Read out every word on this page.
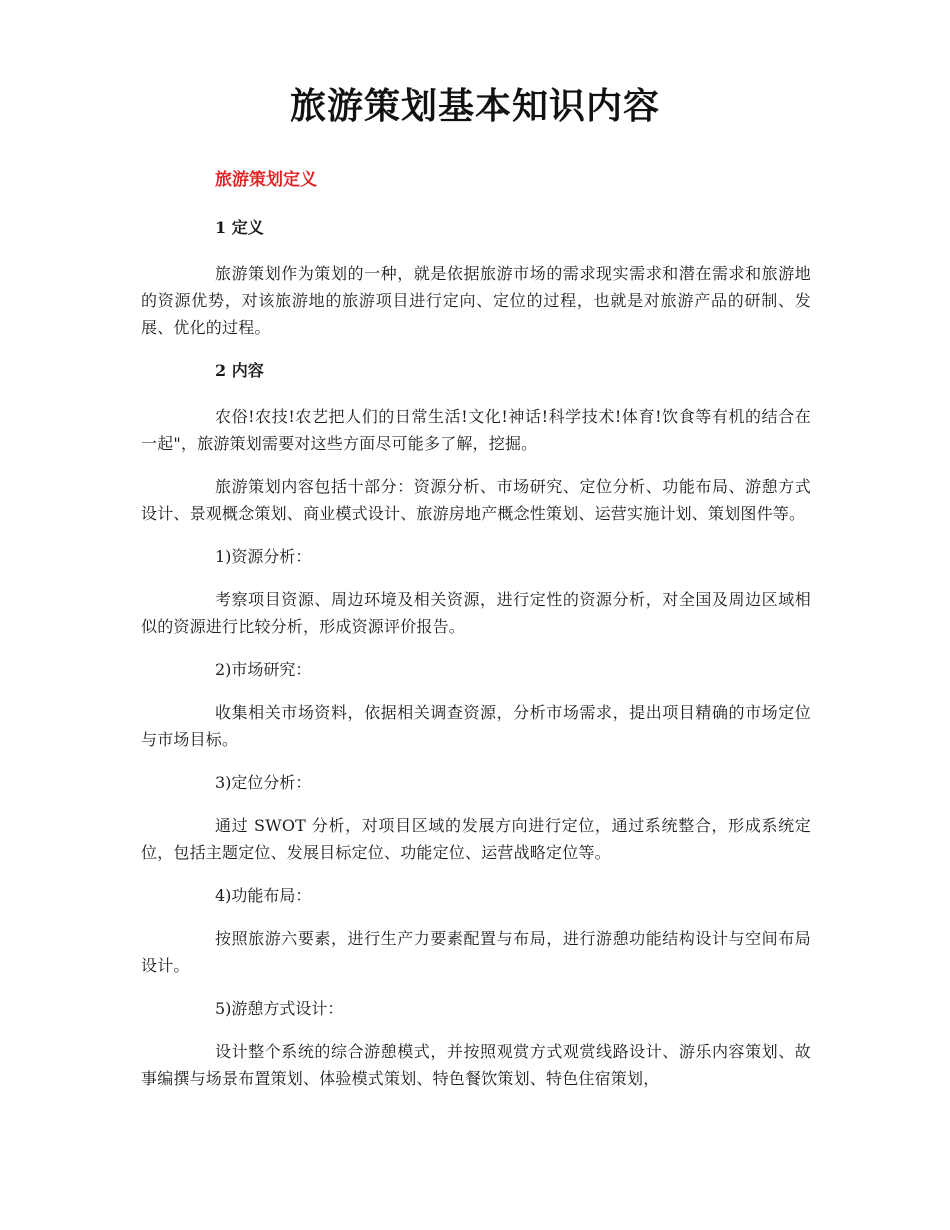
旅游策划基本知识内容
旅游策划定义
1 定义
旅游策划作为策划的一种，就是依据旅游市场的需求现实需求和潜在需求和旅游地的资源优势，对该旅游地的旅游项目进行定向、定位的过程，也就是对旅游产品的研制、发展、优化的过程。
2 内容
农俗!农技!农艺把人们的日常生活!文化!神话!科学技术!体育!饮食等有机的结合在一起"，旅游策划需要对这些方面尽可能多了解，挖掘。
旅游策划内容包括十部分：资源分析、市场研究、定位分析、功能布局、游憩方式设计、景观概念策划、商业模式设计、旅游房地产概念性策划、运营实施计划、策划图件等。
1)资源分析：
考察项目资源、周边环境及相关资源，进行定性的资源分析，对全国及周边区域相似的资源进行比较分析，形成资源评价报告。
2)市场研究：
收集相关市场资料，依据相关调查资源，分析市场需求，提出项目精确的市场定位与市场目标。
3)定位分析：
通过 SWOT 分析，对项目区域的发展方向进行定位，通过系统整合，形成系统定位，包括主题定位、发展目标定位、功能定位、运营战略定位等。
4)功能布局：
按照旅游六要素，进行生产力要素配置与布局，进行游憩功能结构设计与空间布局设计。
5)游憩方式设计：
设计整个系统的综合游憩模式，并按照观赏方式观赏线路设计、游乐内容策划、故事编撰与场景布置策划、体验模式策划、特色餐饮策划、特色住宿策划，
